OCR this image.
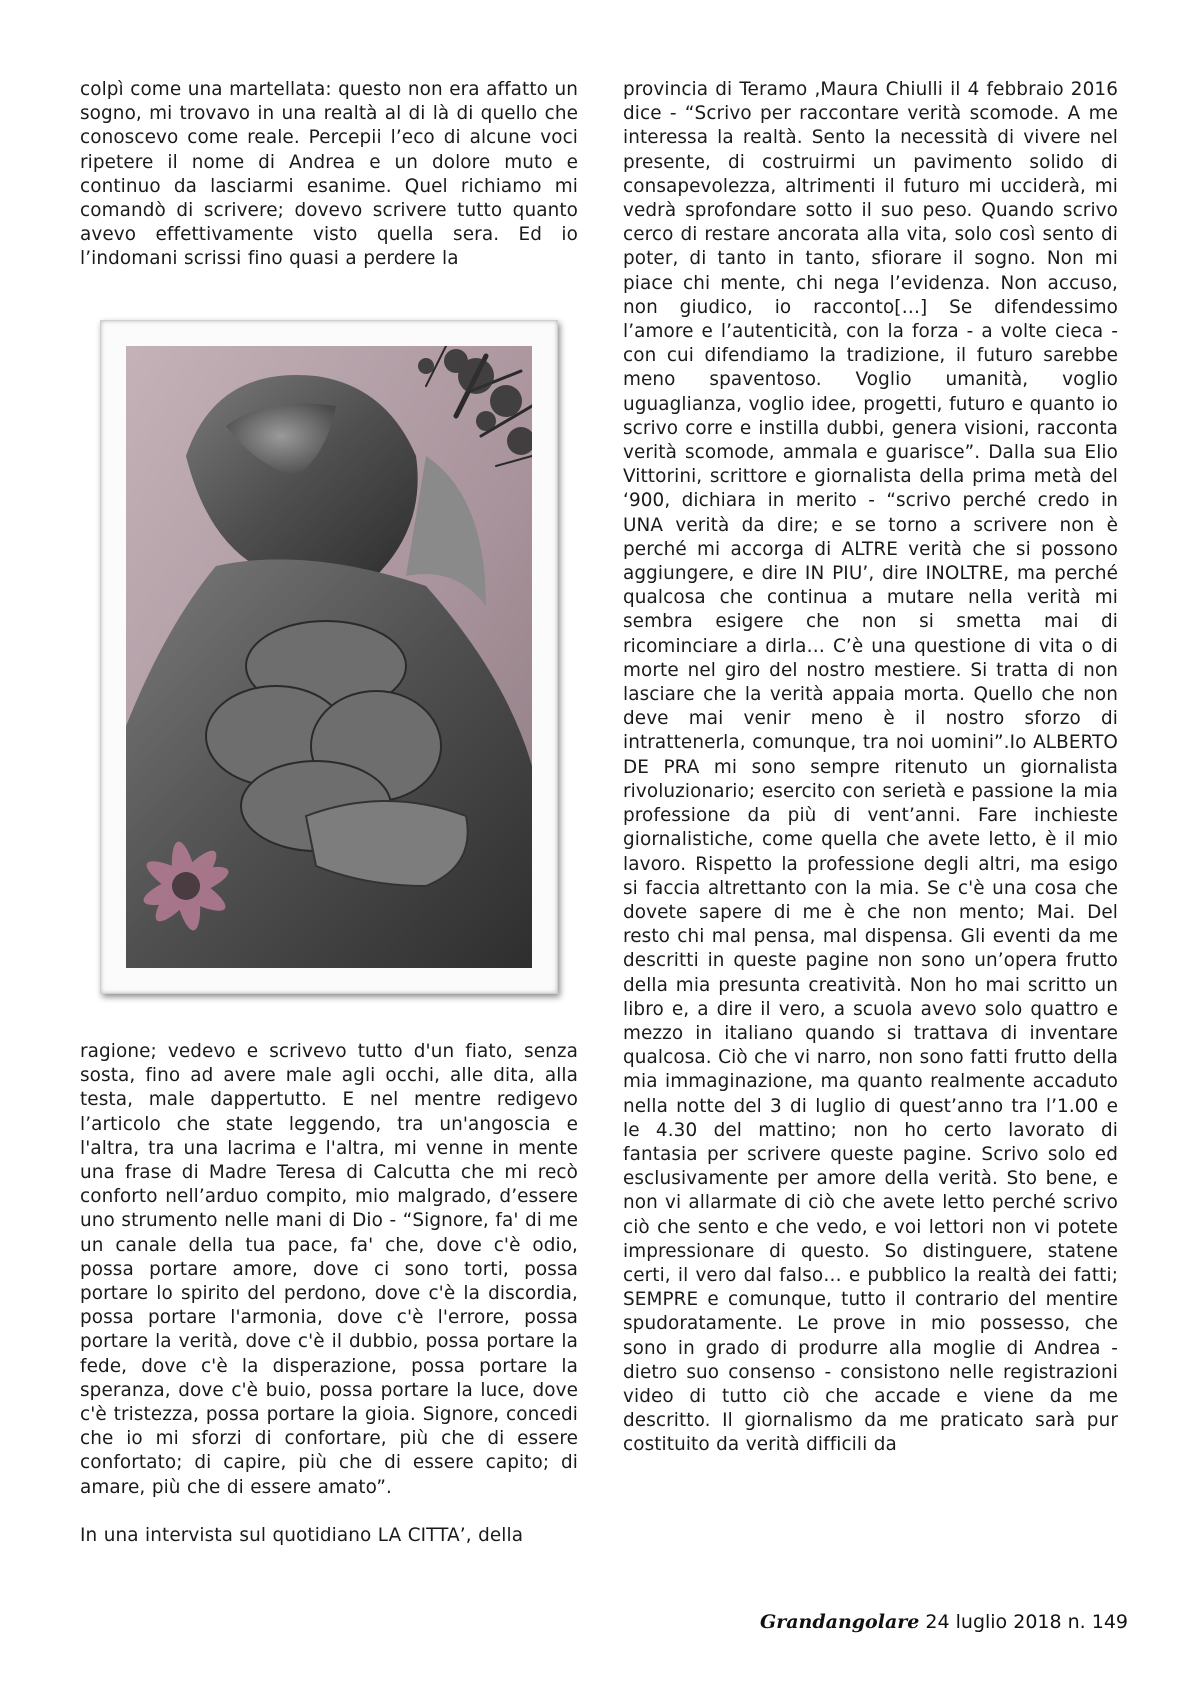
colpì come una martellata: questo non era affatto un sogno, mi trovavo in una realtà al di là di quello che conoscevo come reale. Percepii l’eco di alcune voci ripetere il nome di Andrea e un dolore muto e continuo da lasciarmi esanime. Quel richiamo mi comandò di scrivere; dovevo scrivere tutto quanto avevo effettivamente visto quella sera. Ed io l’indomani scrissi fino quasi a perdere la

ragione; vedevo e scrivevo tutto d'un fiato, senza sosta, fino ad avere male agli occhi, alle dita, alla testa, male dappertutto. E nel mentre redigevo l’articolo che state leggendo, tra un'angoscia e l'altra, tra una lacrima e l'altra, mi venne in mente una frase di Madre Teresa di Calcutta che mi recò conforto nell’arduo compito, mio malgrado, d’essere uno strumento nelle mani di Dio - “Signore, fa' di me un canale della tua pace, fa' che, dove c'è odio, possa portare amore, dove ci sono torti, possa portare lo spirito del perdono, dove c'è la discordia, possa portare l'armonia, dove c'è l'errore, possa portare la verità, dove c'è il dubbio, possa portare la fede, dove c'è la disperazione, possa portare la speranza, dove c'è buio, possa portare la luce, dove c'è tristezza, possa portare la gioia. Signore, concedi che io mi sforzi di confortare, più che di essere confortato; di capire, più che di essere capito; di amare, più che di essere amato”.

In una intervista sul quotidiano LA CITTA’, della

provincia di Teramo ,Maura Chiulli il 4 febbraio 2016 dice - “Scrivo per raccontare verità scomode. A me interessa la realtà. Sento la necessità di vivere nel presente, di costruirmi un pavimento solido di consapevolezza, altrimenti il futuro mi ucciderà, mi vedrà sprofondare sotto il suo peso. Quando scrivo cerco di restare ancorata alla vita, solo così sento di poter, di tanto in tanto, sfiorare il sogno. Non mi piace chi mente, chi nega l’evidenza. Non accuso, non giudico, io racconto[…] Se difendessimo l’amore e l’autenticità, con la forza - a volte cieca - con cui difendiamo la tradizione, il futuro sarebbe meno spaventoso. Voglio umanità, voglio uguaglianza, voglio idee, progetti, futuro e quanto io scrivo corre e instilla dubbi, genera visioni, racconta verità scomode, ammala e guarisce”. Dalla sua Elio Vittorini, scrittore e giornalista della prima metà del ‘900, dichiara in merito - “scrivo perché credo in UNA verità da dire; e se torno a scrivere non è perché mi accorga di ALTRE verità che si possono aggiungere, e dire IN PIU’, dire INOLTRE, ma perché qualcosa che continua a mutare nella verità mi sembra esigere che non si smetta mai di ricominciare a dirla… C’è una questione di vita o di morte nel giro del nostro mestiere. Si tratta di non lasciare che la verità appaia morta. Quello che non deve mai venir meno è il nostro sforzo di intrattenerla, comunque, tra noi uomini”.Io ALBERTO DE PRA mi sono sempre ritenuto un giornalista rivoluzionario; esercito con serietà e passione la mia professione da più di vent’anni. Fare inchieste giornalistiche, come quella che avete letto, è il mio lavoro. Rispetto la professione degli altri, ma esigo si faccia altrettanto con la mia. Se c'è una cosa che dovete sapere di me è che non mento; Mai. Del resto chi mal pensa, mal dispensa. Gli eventi da me descritti in queste pagine non sono un’opera frutto della mia presunta creatività. Non ho mai scritto un libro e, a dire il vero, a scuola avevo solo quattro e mezzo in italiano quando si trattava di inventare qualcosa. Ciò che vi narro, non sono fatti frutto della mia immaginazione, ma quanto realmente accaduto nella notte del 3 di luglio di quest’anno tra l’1.00 e le 4.30 del mattino; non ho certo lavorato di fantasia per scrivere queste pagine. Scrivo solo ed esclusivamente per amore della verità. Sto bene, e non vi allarmate di ciò che avete letto perché scrivo ciò che sento e che vedo, e voi lettori non vi potete impressionare di questo. So distinguere, statene certi, il vero dal falso… e pubblico la realtà dei fatti; SEMPRE e comunque, tutto il contrario del mentire spudoratamente. Le prove in mio possesso, che sono in grado di produrre alla moglie di Andrea - dietro suo consenso - consistono nelle registrazioni video di tutto ciò che accade e viene da me descritto. Il giornalismo da me praticato sarà pur costituito da verità difficili da

Grandangolare 24 luglio 2018 n. 149
